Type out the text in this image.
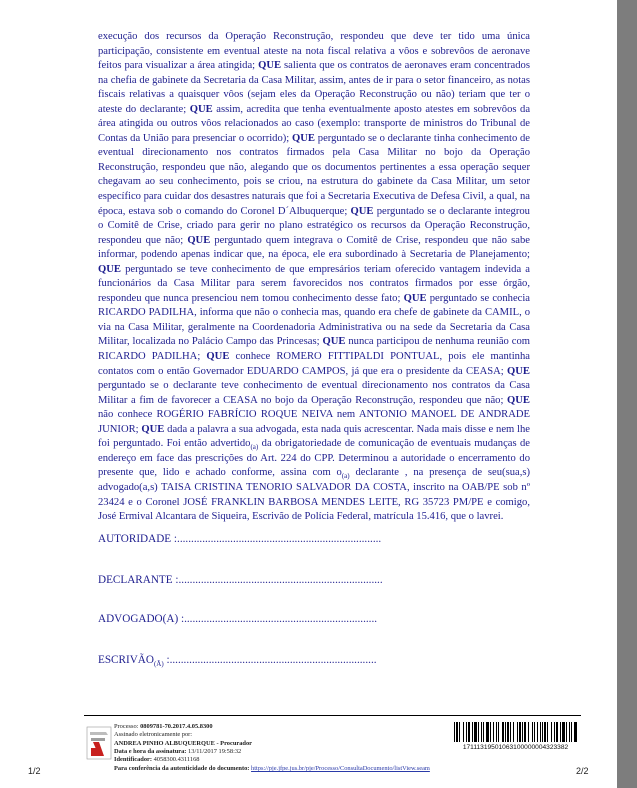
execução dos recursos da Operação Reconstrução, respondeu que deve ter tido uma única participação, consistente em eventual ateste na nota fiscal relativa a vôos e sobrevôos de aeronave feitos para visualizar a área atingida; QUE salienta que os contratos de aeronaves eram concentrados na chefia de gabinete da Secretaria da Casa Militar, assim, antes de ir para o setor financeiro, as notas fiscais relativas a quaisquer vôos (sejam eles da Operação Reconstrução ou não) teriam que ter o ateste do declarante; QUE assim, acredita que tenha eventualmente aposto atestes em sobrevôos da área atingida ou outros vôos relacionados ao caso (exemplo: transporte de ministros do Tribunal de Contas da União para presenciar o ocorrido); QUE perguntado se o declarante tinha conhecimento de eventual direcionamento nos contratos firmados pela Casa Militar no bojo da Operação Reconstrução, respondeu que não, alegando que os documentos pertinentes a essa operação sequer chegavam ao seu conhecimento, pois se criou, na estrutura do gabinete da Casa Militar, um setor específico para cuidar dos desastres naturais que foi a Secretaria Executiva de Defesa Civil, a qual, na época, estava sob o comando do Coronel D´Albuquerque; QUE perguntado se o declarante integrou o Comitê de Crise, criado para gerir no plano estratégico os recursos da Operação Reconstrução, respondeu que não; QUE perguntado quem integrava o Comitê de Crise, respondeu que não sabe informar, podendo apenas indicar que, na época, ele era subordinado à Secretaria de Planejamento; QUE perguntado se teve conhecimento de que empresários teriam oferecido vantagem indevida a funcionários da Casa Militar para serem favorecidos nos contratos firmados por esse órgão, respondeu que nunca presenciou nem tomou conhecimento desse fato; QUE perguntado se conhecia RICARDO PADILHA, informa que não o conhecia mas, quando era chefe de gabinete da CAMIL, o via na Casa Militar, geralmente na Coordenadoria Administrativa ou na sede da Secretaria da Casa Militar, localizada no Palácio Campo das Princesas; QUE nunca participou de nenhuma reunião com RICARDO PADILHA; QUE conhece ROMERO FITTIPALDI PONTUAL, pois ele mantinha contatos com o então Governador EDUARDO CAMPOS, já que era o presidente da CEASA; QUE perguntado se o declarante teve conhecimento de eventual direcionamento nos contratos da Casa Militar a fim de favorecer a CEASA no bojo da Operação Reconstrução, respondeu que não; QUE não conhece ROGÉRIO FABRÍCIO ROQUE NEIVA nem ANTONIO MANOEL DE ANDRADE JUNIOR; QUE dada a palavra a sua advogada, esta nada quis acrescentar. Nada mais disse e nem lhe foi perguntado. Foi então advertido$_{(a)}$ da obrigatoriedade de comunicação de eventuais mudanças de endereço em face das prescrições do Art. 224 do CPP. Determinou a autoridade o encerramento do presente que, lido e achado conforme, assina com $o_{(a)}$ declarante , na presença de seu(sua,s) advogado(a,s) TAISA CRISTINA TENORIO SALVADOR DA COSTA, inscrito na OAB/PE sob nº 23424 e o Coronel JOSÉ FRANKLIN BARBOSA MENDES LEITE, RG 35723 PM/PE e comigo, José Ermival Alcantara de Siqueira, Escrivão de Polícia Federal, matrícula 15.416, que o lavrei.

AUTORIDADE :.........................................................................
DECLARANTE :.........................................................................
ADVOGADO(A) :.....................................................................
$ESCRIVÃO_{(Ã)}$ :..........................................................................
Processo: 0809781-70.2017.4.05.8300
Assinado eletronicamente por:
ANDREA PINHO ALBUQUERQUE - Procurador
Data e hora da assinatura: 13/11/2017 19:58:32
Identificador: 4058300.4311168
Para conferência da autenticidade do documento: https://pje.jfpe.jus.br/pje/Processo/ConsultaDocumento/listView.seam
17111319501063100000004323382
1/2	2/2
